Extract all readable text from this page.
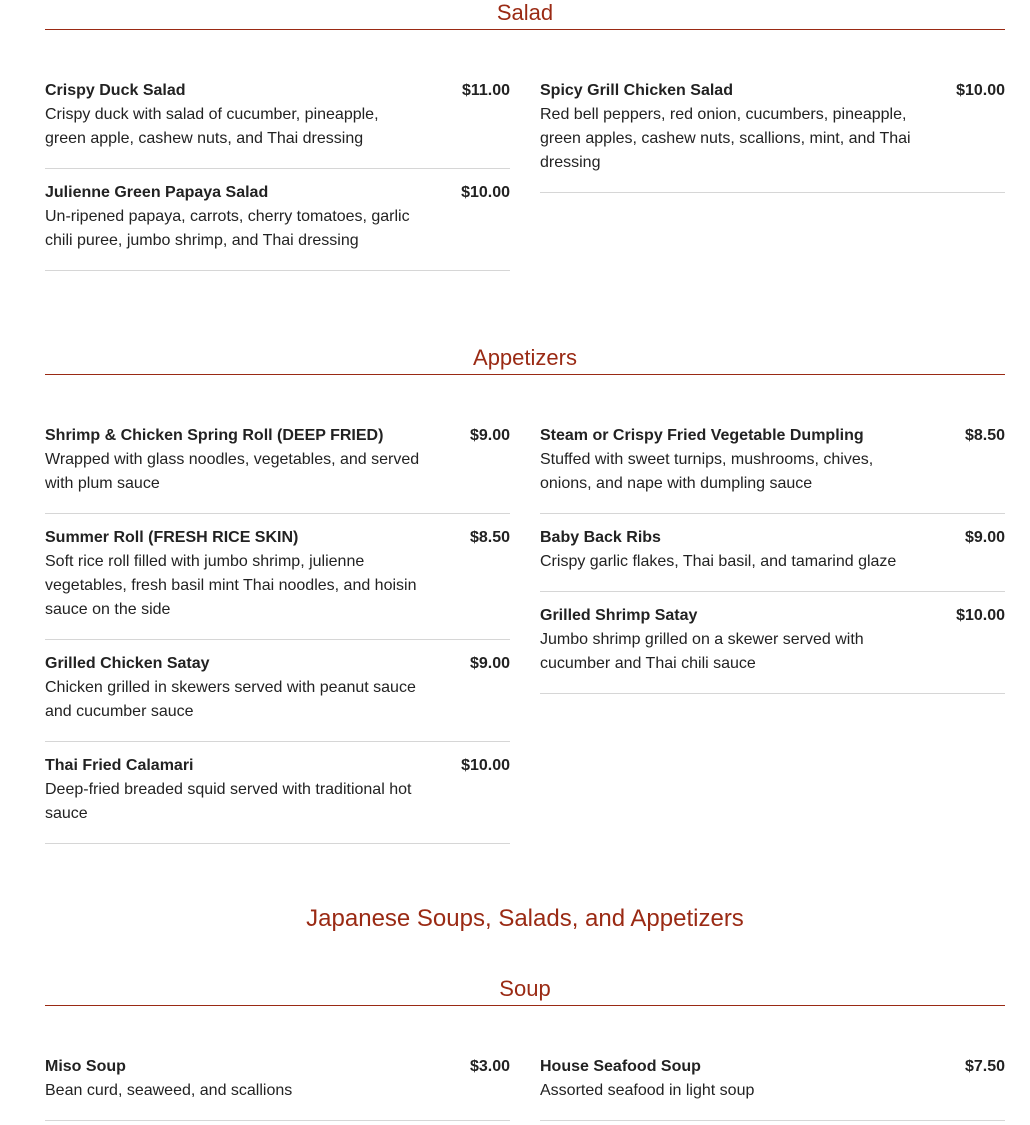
Salad
Crispy Duck Salad	$11.00
Crispy duck with salad of cucumber, pineapple, green apple, cashew nuts, and Thai dressing
Julienne Green Papaya Salad	$10.00
Un-ripened papaya, carrots, cherry tomatoes, garlic chili puree, jumbo shrimp, and Thai dressing
Spicy Grill Chicken Salad	$10.00
Red bell peppers, red onion, cucumbers, pineapple, green apples, cashew nuts, scallions, mint, and Thai dressing
Appetizers
Shrimp & Chicken Spring Roll (DEEP FRIED)	$9.00
Wrapped with glass noodles, vegetables, and served with plum sauce
Summer Roll (FRESH RICE SKIN)	$8.50
Soft rice roll filled with jumbo shrimp, julienne vegetables, fresh basil mint Thai noodles, and hoisin sauce on the side
Grilled Chicken Satay	$9.00
Chicken grilled in skewers served with peanut sauce and cucumber sauce
Thai Fried Calamari	$10.00
Deep-fried breaded squid served with traditional hot sauce
Steam or Crispy Fried Vegetable Dumpling	$8.50
Stuffed with sweet turnips, mushrooms, chives, onions, and nape with dumpling sauce
Baby Back Ribs	$9.00
Crispy garlic flakes, Thai basil, and tamarind glaze
Grilled Shrimp Satay	$10.00
Jumbo shrimp grilled on a skewer served with cucumber and Thai chili sauce
Japanese Soups, Salads, and Appetizers
Soup
Miso Soup	$3.00
Bean curd, seaweed, and scallions
House Seafood Soup	$7.50
Assorted seafood in light soup
